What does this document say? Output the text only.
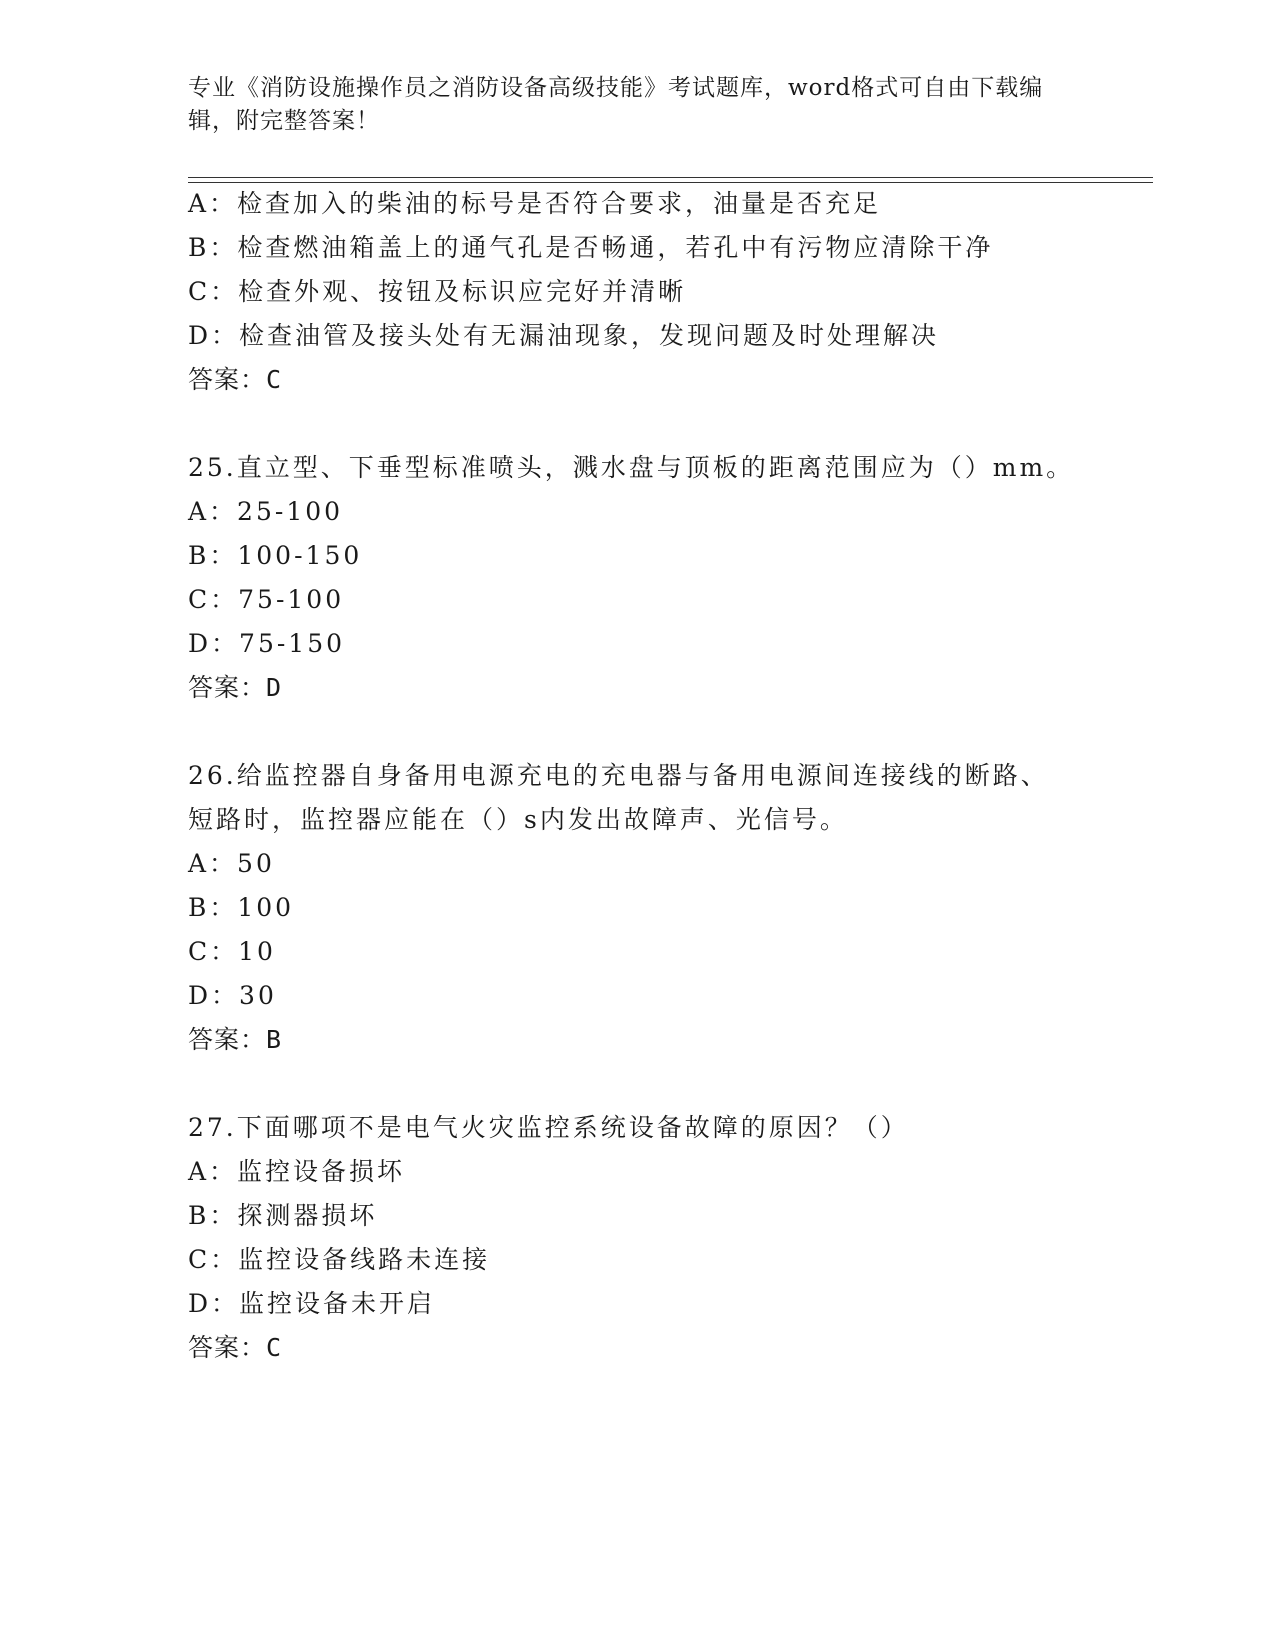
专业《消防设施操作员之消防设备高级技能》考试题库，word格式可自由下载编
辑，附完整答案！
A：检查加入的柴油的标号是否符合要求，油量是否充足
B：检查燃油箱盖上的通气孔是否畅通，若孔中有污物应清除干净
C：检查外观、按钮及标识应完好并清晰
D：检查油管及接头处有无漏油现象，发现问题及时处理解决
答案：C
25.直立型、下垂型标准喷头，溅水盘与顶板的距离范围应为（）mm。
A：25-100
B：100-150
C：75-100
D：75-150
答案：D
26.给监控器自身备用电源充电的充电器与备用电源间连接线的断路、
短路时，监控器应能在（）s内发出故障声、光信号。
A：50
B：100
C：10
D：30
答案：B
27.下面哪项不是电气火灾监控系统设备故障的原因？（）
A：监控设备损坏
B：探测器损坏
C：监控设备线路未连接
D：监控设备未开启
答案：C
